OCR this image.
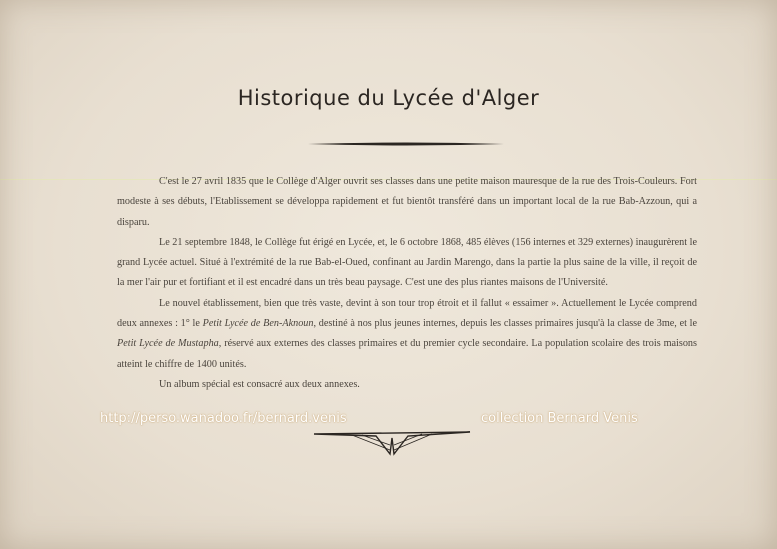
Historique du Lycée d'Alger

C'est le 27 avril 1835 que le Collège d'Alger ouvrit ses classes dans une petite maison mauresque de la rue des Trois-Couleurs. Fort modeste à ses débuts, l'Etablissement se développa rapidement et fut bientôt transféré dans un important local de la rue Bab-Azzoun, qui a disparu.

Le 21 septembre 1848, le Collège fut érigé en Lycée, et, le 6 octobre 1868, 485 élèves (156 internes et 329 externes) inaugurèrent le grand Lycée actuel. Situé à l'extrémité de la rue Bab-el-Oued, confinant au Jardin Marengo, dans la partie la plus saine de la ville, il reçoit de la mer l'air pur et fortifiant et il est encadré dans un très beau paysage. C'est une des plus riantes maisons de l'Université.

Le nouvel établissement, bien que très vaste, devint à son tour trop étroit et il fallut « essaimer ». Actuellement le Lycée comprend deux annexes : 1° le Petit Lycée de Ben-Aknoun, destiné à nos plus jeunes internes, depuis les classes primaires jusqu'à la classe de 3me, et le Petit Lycée de Mustapha, réservé aux externes des classes primaires et du premier cycle secondaire. La population scolaire des trois maisons atteint le chiffre de 1400 unités.

Un album spécial est consacré aux deux annexes.

http://perso.wanadoo.fr/bernard.venis	collection Bernard Venis
